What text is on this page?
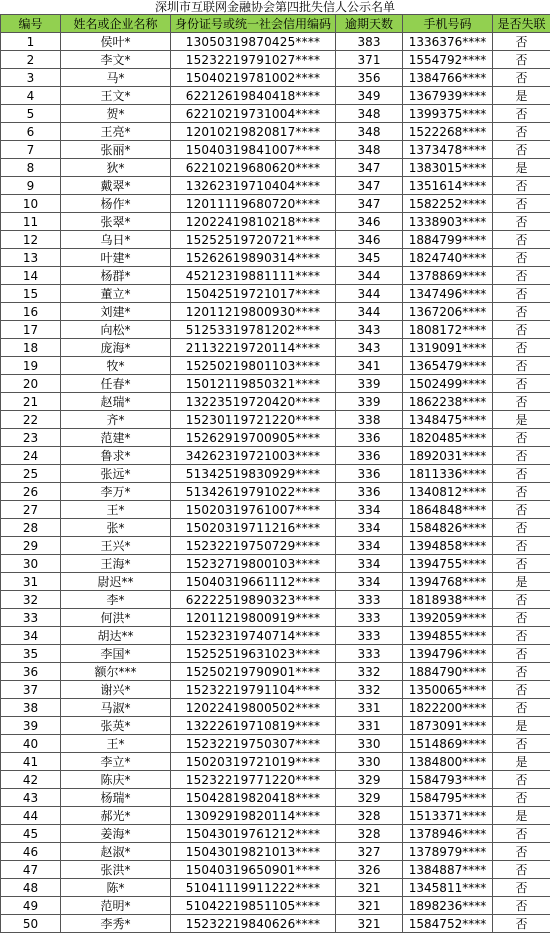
深圳市互联网金融协会第四批失信人公示名单
编号	姓名或企业名称	身份证号或统一社会信用编码	逾期天数	手机号码	是否失联
1	侯叶*	13050319870425****	383	1336376****	否
2	李文*	15232219791027****	371	1554792****	否
3	马*	15040219781002****	356	1384766****	否
4	王文*	62212619840418****	349	1367939****	是
5	贺*	62210219731004****	348	1399375****	否
6	王亮*	12010219820817****	348	1522268****	否
7	张丽*	15040319841007****	348	1373478****	否
8	狄*	62210219680620****	347	1383015****	是
9	戴翠*	13262319710404****	347	1351614****	否
10	杨作*	12011119680720****	347	1582252****	否
11	张翠*	12022419810218****	346	1338903****	否
12	乌日*	15252519720721****	346	1884799****	否
13	叶建*	15262619890314****	345	1824740****	否
14	杨群*	45212319881111****	344	1378869****	否
15	董立*	15042519721017****	344	1347496****	否
16	刘建*	12011219800930****	344	1367206****	否
17	向松*	51253319781202****	343	1808172****	否
18	庞海*	21132219720114****	343	1319091****	否
19	牧*	15250219801103****	341	1365479****	否
20	任春*	15012119850321****	339	1502499****	否
21	赵瑞*	13223519720420****	339	1862238****	否
22	齐*	15230119721220****	338	1348475****	是
23	范建*	15262919700905****	336	1820485****	否
24	鲁求*	34262319721003****	336	1892031****	否
25	张远*	51342519830929****	336	1811336****	否
26	李万*	51342619791022****	336	1340812****	否
27	王*	15020319761007****	334	1864848****	否
28	张*	15020319711216****	334	1584826****	否
29	王兴*	15232219750729****	334	1394858****	否
30	王海*	15232719800103****	334	1394755****	否
31	尉迟**	15040319661112****	334	1394768****	是
32	李*	62222519890323****	333	1818938****	否
33	何洪*	12011219800919****	333	1392059****	否
34	胡达**	15232319740714****	333	1394855****	否
35	李国*	15252519631023****	333	1394796****	否
36	额尔***	15250219790901****	332	1884790****	否
37	谢兴*	15232219791104****	332	1350065****	否
38	马淑*	12022419800502****	331	1822200****	否
39	张英*	13222619710819****	331	1873091****	是
40	王*	15232219750307****	330	1514869****	否
41	李立*	15020319721019****	330	1384800****	是
42	陈庆*	15232219771220****	329	1584793****	否
43	杨瑞*	15042819820418****	329	1584795****	否
44	郝光*	13092919820114****	328	1513371****	是
45	姜海*	15043019761212****	328	1378946****	否
46	赵淑*	15043019821013****	327	1378979****	否
47	张洪*	15040319650901****	326	1384887****	否
48	陈*	51041119911222****	321	1345811****	否
49	范明*	51042219851105****	321	1898236****	否
50	李秀*	15232219840626****	321	1584752****	否
